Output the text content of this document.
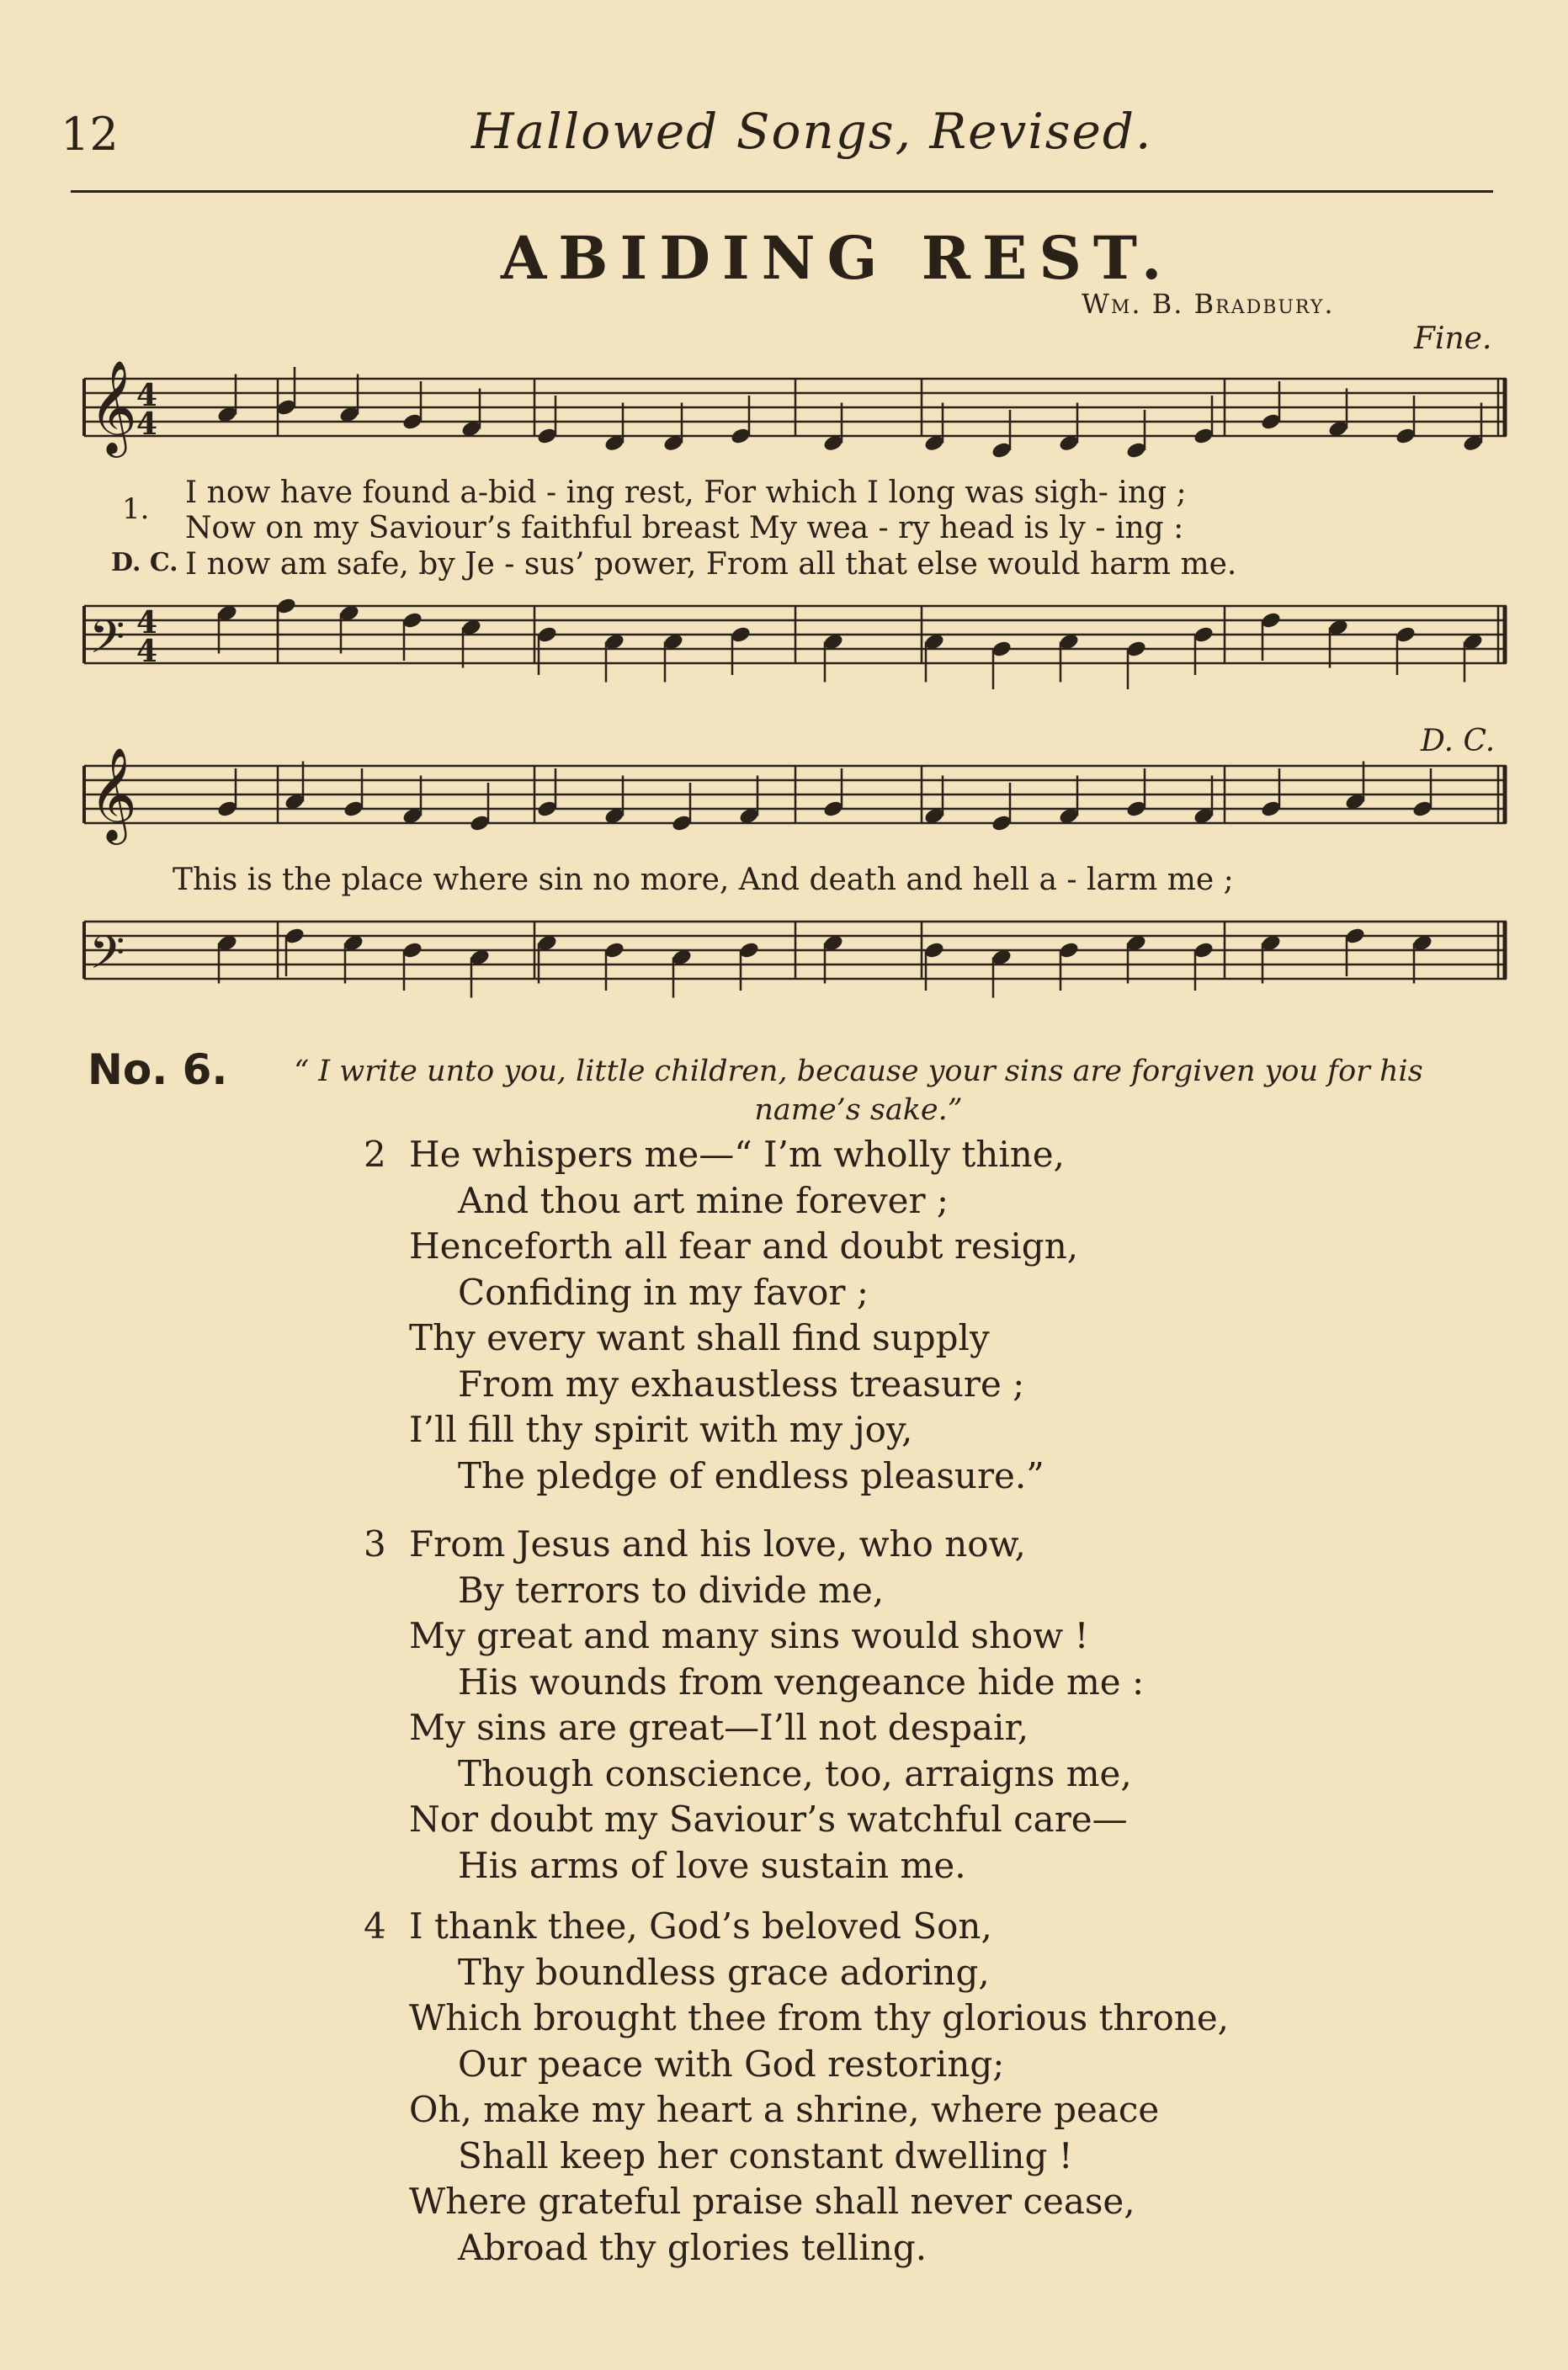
12	Hallowed Songs, Revised.
ABIDING REST.
Wm. B. Bradbury.
Fine.
𝄞 4
4
1. I now have found a-bid - ing rest, For which I long was sigh- ing ;
Now on my Saviour’s faithful breast My wea - ry head is ly - ing :
D. C. I now am safe, by Je - sus’ power, From all that else would harm me.
𝄢 4
4
D. C.
𝄞
This is the place where sin no more, And death and hell a - larm me ;
𝄢
No. 6.	“ I write unto you, little children, because your sins are forgiven you for his name’s sake.”
2 He whispers me—“ I’m wholly thine,
And thou art mine forever ;
Henceforth all fear and doubt resign,
Confiding in my favor ;
Thy every want shall find supply
From my exhaustless treasure ;
I’ll fill thy spirit with my joy,
The pledge of endless pleasure.”
3 From Jesus and his love, who now,
By terrors to divide me,
My great and many sins would show !
His wounds from vengeance hide me :
My sins are great—I’ll not despair,
Though conscience, too, arraigns me,
Nor doubt my Saviour’s watchful care—
His arms of love sustain me.
4 I thank thee, God’s beloved Son,
Thy boundless grace adoring,
Which brought thee from thy glorious throne,
Our peace with God restoring;
Oh, make my heart a shrine, where peace
Shall keep her constant dwelling !
Where grateful praise shall never cease,
Abroad thy glories telling.
